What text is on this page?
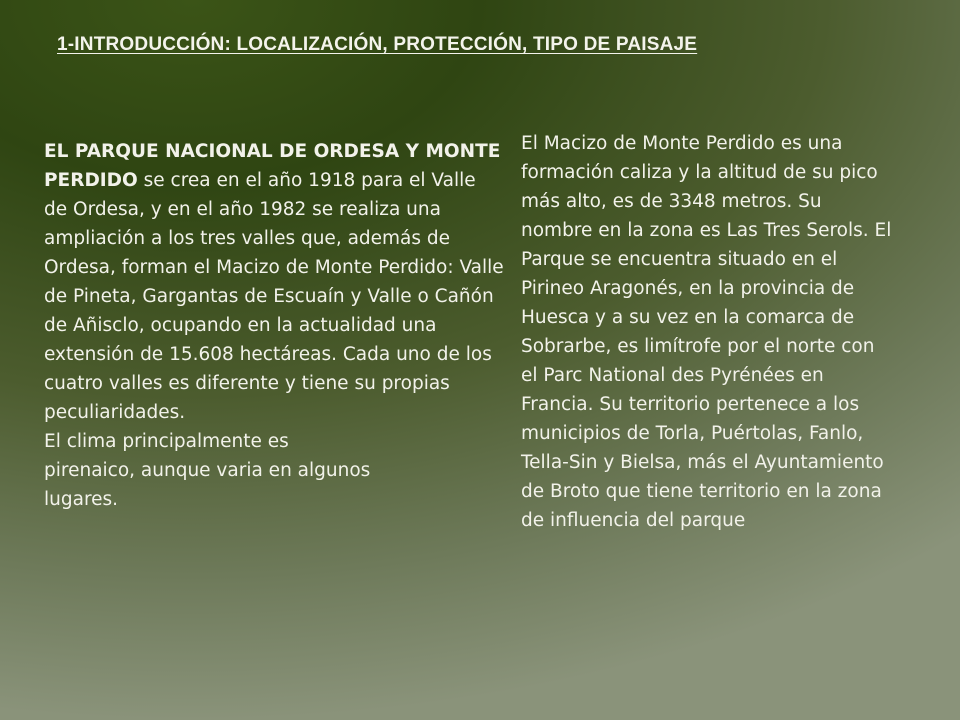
1-INTRODUCCIÓN: LOCALIZACIÓN, PROTECCIÓN, TIPO DE PAISAJE

EL PARQUE NACIONAL DE ORDESA Y MONTE PERDIDO se crea en el año 1918 para el Valle de Ordesa, y en el año 1982 se realiza una ampliación a los tres valles que, además de Ordesa, forman el Macizo de Monte Perdido: Valle de Pineta, Gargantas de Escuaín y Valle o Cañón de Añisclo, ocupando en la actualidad una extensión de 15.608 hectáreas. Cada uno de los cuatro valles es diferente y tiene su propias peculiaridades.

El clima principalmente es pirenaico, aunque varia en algunos lugares.

El Macizo de Monte Perdido es una formación caliza y la altitud de su pico más alto, es de 3348 metros. Su nombre en la zona es Las Tres Serols. El Parque se encuentra situado en el Pirineo Aragonés, en la provincia de Huesca y a su vez en la comarca de Sobrarbe, es limítrofe por el norte con el Parc National des Pyrénées en Francia. Su territorio pertenece a los municipios de Torla, Puértolas, Fanlo, Tella-Sin y Bielsa, más el Ayuntamiento de Broto que tiene territorio en la zona de influencia del parque
